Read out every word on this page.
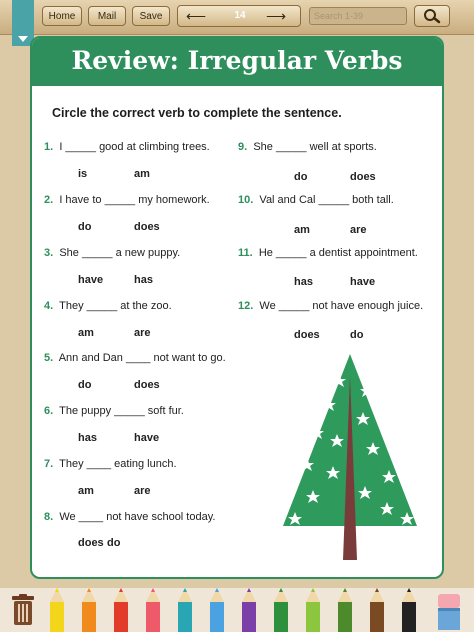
Home	Mail	Save	⟵	14	⟶	Search 1-39
Review: Irregular Verbs
Circle the correct verb to complete the sentence.
1. I _____ good at climbing trees.
is	am
2. I have to _____ my homework.
do	does
3. She _____ a new puppy.
have	has
4. They _____ at the zoo.
am	are
5. Ann and Dan ____ not want to go.
do	does
6. The puppy _____ soft fur.
has	have
7. They ____ eating lunch.
am	are
8. We ____ not have school today.
does do
9. She _____ well at sports.
do	does
10. Val and Cal _____ both tall.
am	are
11. He _____ a dentist appointment.
has	have
12. We _____ not have enough juice.
does	do
